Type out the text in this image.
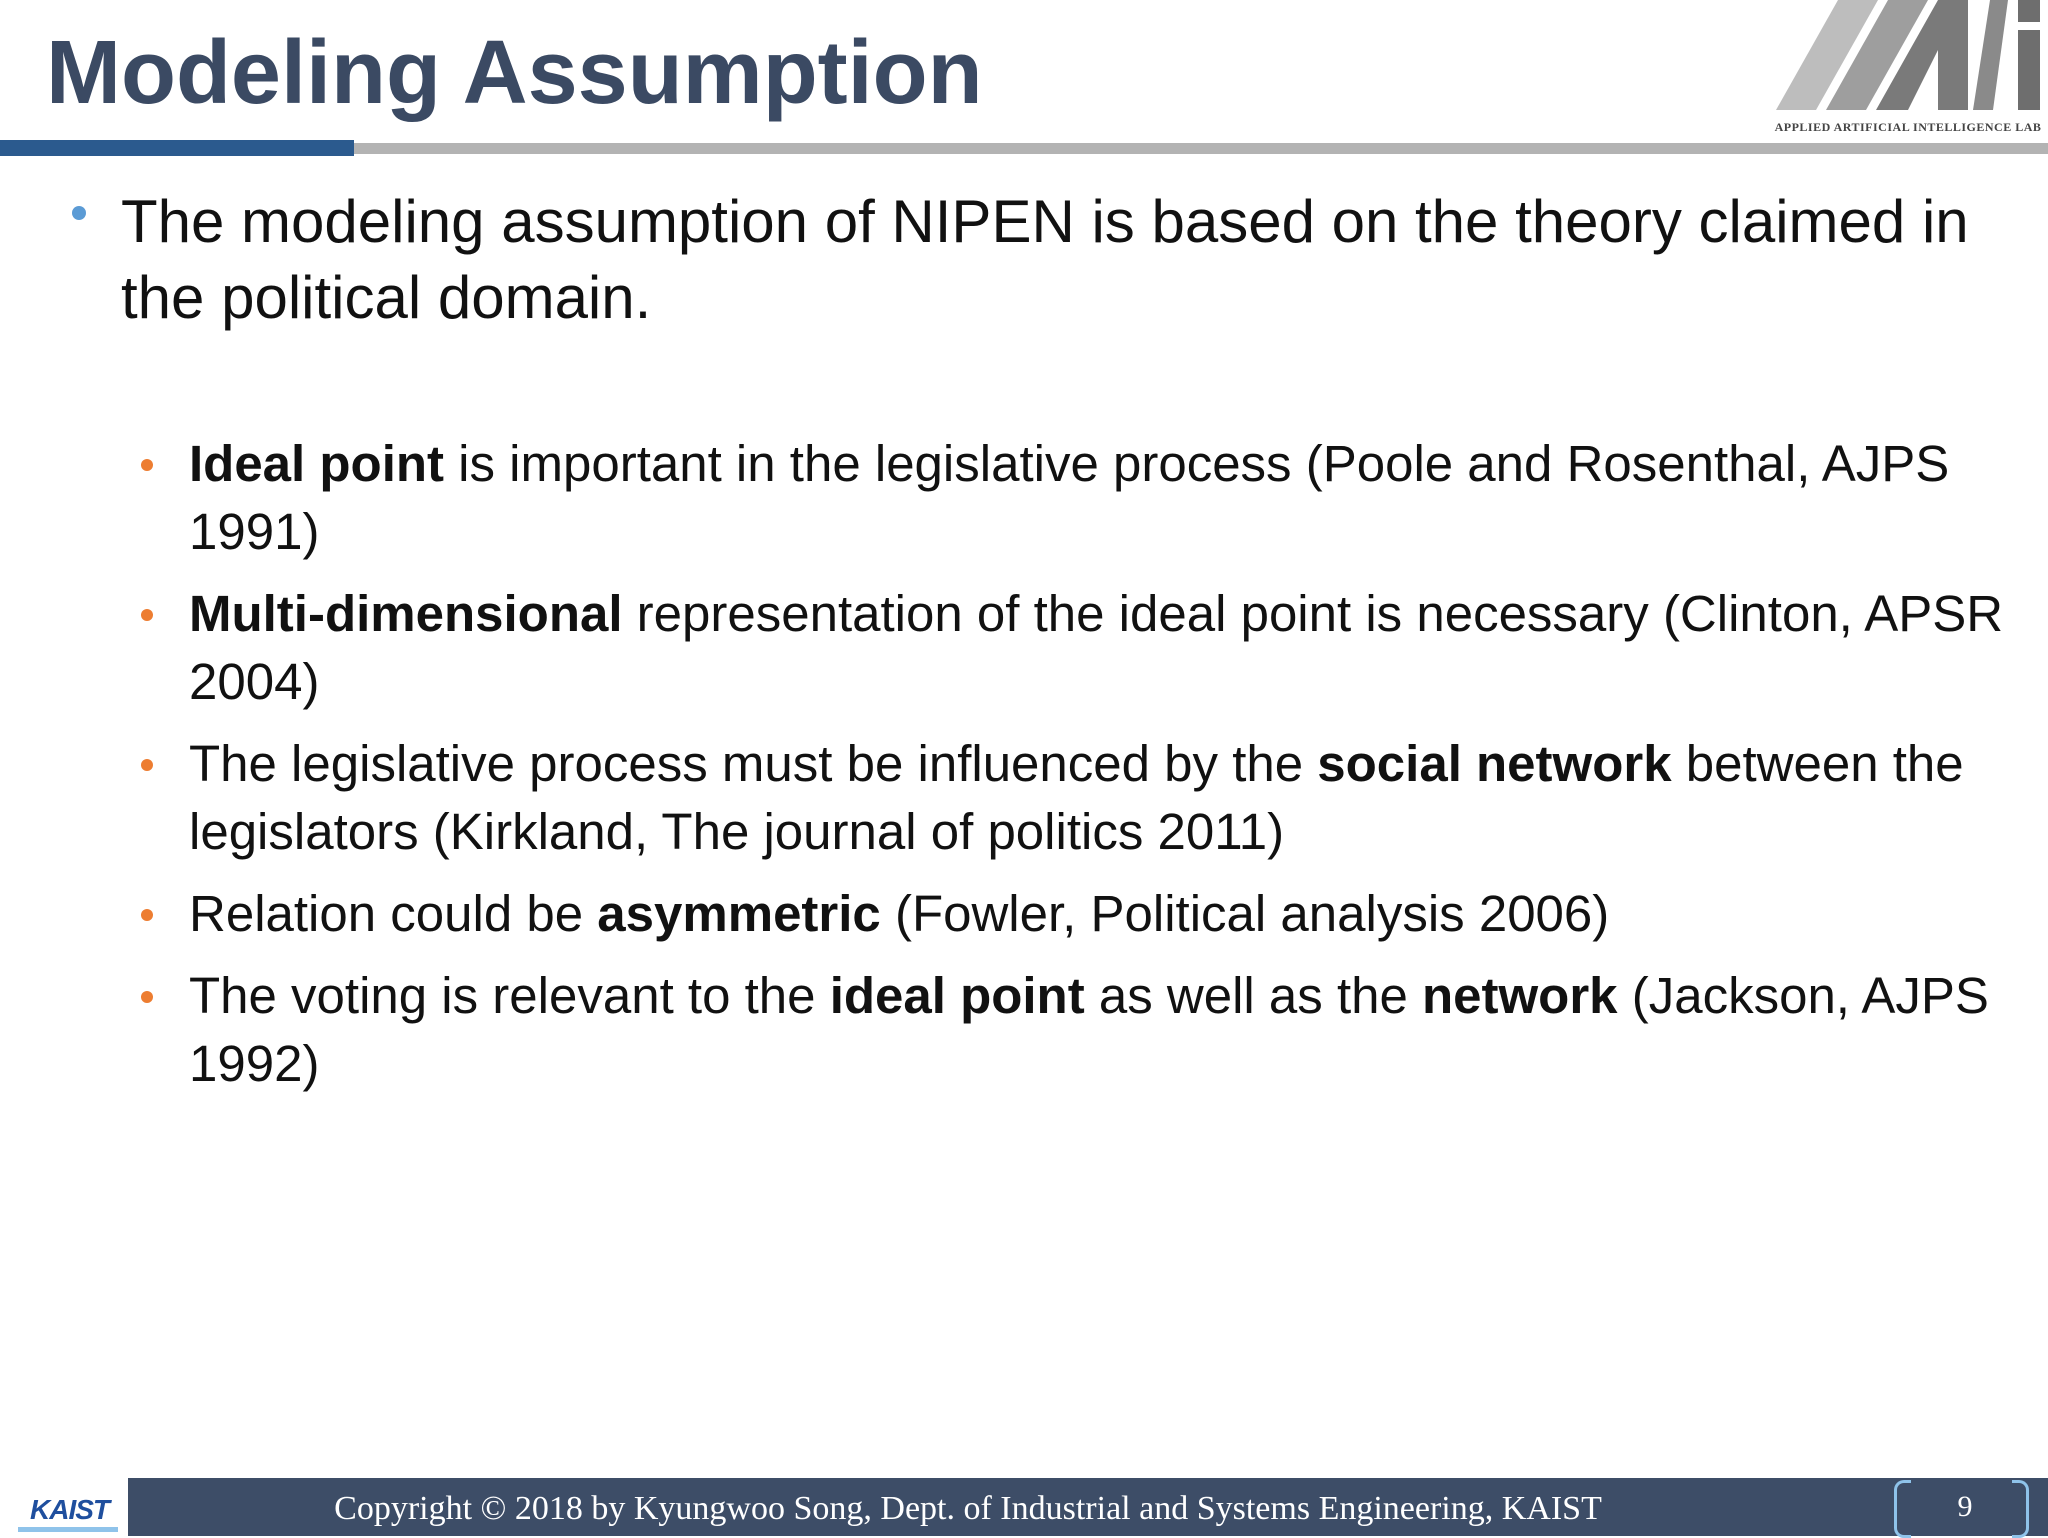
Modeling Assumption
APPLIED ARTIFICIAL INTELLIGENCE LAB
The modeling assumption of NIPEN is based on the theory claimed in the political domain.
Ideal point is important in the legislative process (Poole and Rosenthal, AJPS 1991)
Multi-dimensional representation of the ideal point is necessary (Clinton, APSR 2004)
The legislative process must be influenced by the social network between the legislators (Kirkland, The journal of politics 2011)
Relation could be asymmetric (Fowler, Political analysis 2006)
The voting is relevant to the ideal point as well as the network (Jackson, AJPS 1992)
KAIST	Copyright © 2018 by Kyungwoo Song, Dept. of Industrial and Systems Engineering, KAIST	9
